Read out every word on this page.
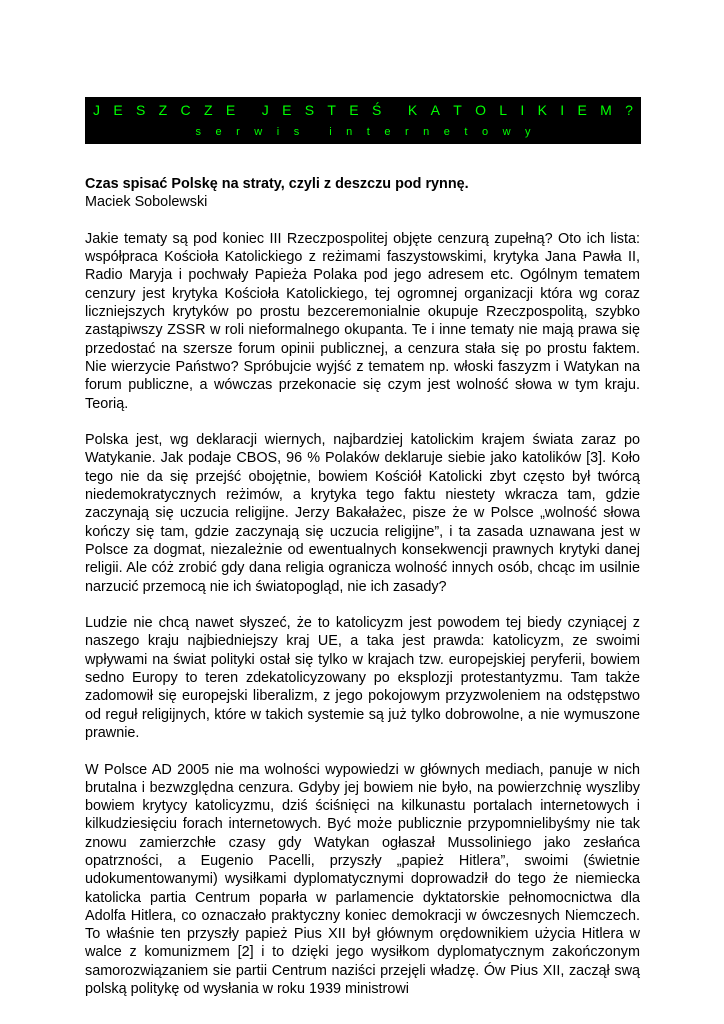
J E S Z C Z E J E S T E Ś K A T O L I K I E M ?
s e r w i s	i n t e r n e t o w y
Czas spisać Polskę na straty, czyli z deszczu pod rynnę.

Maciek Sobolewski

Jakie tematy są pod koniec III Rzeczpospolitej objęte cenzurą zupełną? Oto ich lista: współpraca Kościoła Katolickiego z reżimami faszystowskimi, krytyka Jana Pawła II, Radio Maryja i pochwały Papieża Polaka pod jego adresem etc. Ogólnym tematem cenzury jest krytyka Kościoła Katolickiego, tej ogromnej organizacji która wg coraz liczniejszych krytyków po prostu bezceremonialnie okupuje Rzeczpospolitą, szybko zastąpiwszy ZSSR w roli nieformalnego okupanta. Te i inne tematy nie mają prawa się przedostać na szersze forum opinii publicznej, a cenzura stała się po prostu faktem. Nie wierzycie Państwo? Spróbujcie wyjść z tematem np. włoski faszyzm i Watykan na forum publiczne, a wówczas przekonacie się czym jest wolność słowa w tym kraju. Teorią.

Polska jest, wg deklaracji wiernych, najbardziej katolickim krajem świata zaraz po Watykanie. Jak podaje CBOS, 96 % Polaków deklaruje siebie jako katolików [3]. Koło tego nie da się przejść obojętnie, bowiem Kościół Katolicki zbyt często był twórcą niedemokratycznych reżimów, a krytyka tego faktu niestety wkracza tam, gdzie zaczynają się uczucia religijne. Jerzy Bakałażec, pisze że w Polsce „wolność słowa kończy się tam, gdzie zaczynają się uczucia religijne”, i ta zasada uznawana jest w Polsce za dogmat, niezależnie od ewentualnych konsekwencji prawnych krytyki danej religii. Ale cóż zrobić gdy dana religia ogranicza wolność innych osób, chcąc im usilnie narzucić przemocą nie ich światopogląd, nie ich zasady?

Ludzie nie chcą nawet słyszeć, że to katolicyzm jest powodem tej biedy czyniącej z naszego kraju najbiedniejszy kraj UE, a taka jest prawda: katolicyzm, ze swoimi wpływami na świat polityki ostał się tylko w krajach tzw. europejskiej peryferii, bowiem sedno Europy to teren zdekatolicyzowany po eksplozji protestantyzmu. Tam także zadomowił się europejski liberalizm, z jego pokojowym przyzwoleniem na odstępstwo od reguł religijnych, które w takich systemie są już tylko dobrowolne, a nie wymuszone prawnie.

W Polsce AD 2005 nie ma wolności wypowiedzi w głównych mediach, panuje w nich brutalna i bezwzględna cenzura. Gdyby jej bowiem nie było, na powierzchnię wyszliby bowiem krytycy katolicyzmu, dziś ściśnięci na kilkunastu portalach internetowych i kilkudziesięciu forach internetowych. Być może publicznie przypomnielibyśmy nie tak znowu zamierzchłe czasy gdy Watykan ogłaszał Mussoliniego jako zesłańca opatrzności, a Eugenio Pacelli, przyszły „papież Hitlera”, swoimi (świetnie udokumentowanymi) wysiłkami dyplomatycznymi doprowadził do tego że niemiecka katolicka partia Centrum poparła w parlamencie dyktatorskie pełnomocnictwa dla Adolfa Hitlera, co oznaczało praktyczny koniec demokracji w ówczesnych Niemczech. To właśnie ten przyszły papież Pius XII był głównym orędownikiem użycia Hitlera w walce z komunizmem [2] i to dzięki jego wysiłkom dyplomatycznym zakończonym samorozwiązaniem sie partii Centrum naziści przejęli władzę. Ów Pius XII, zaczął swą polską politykę od wysłania w roku 1939 ministrowi
